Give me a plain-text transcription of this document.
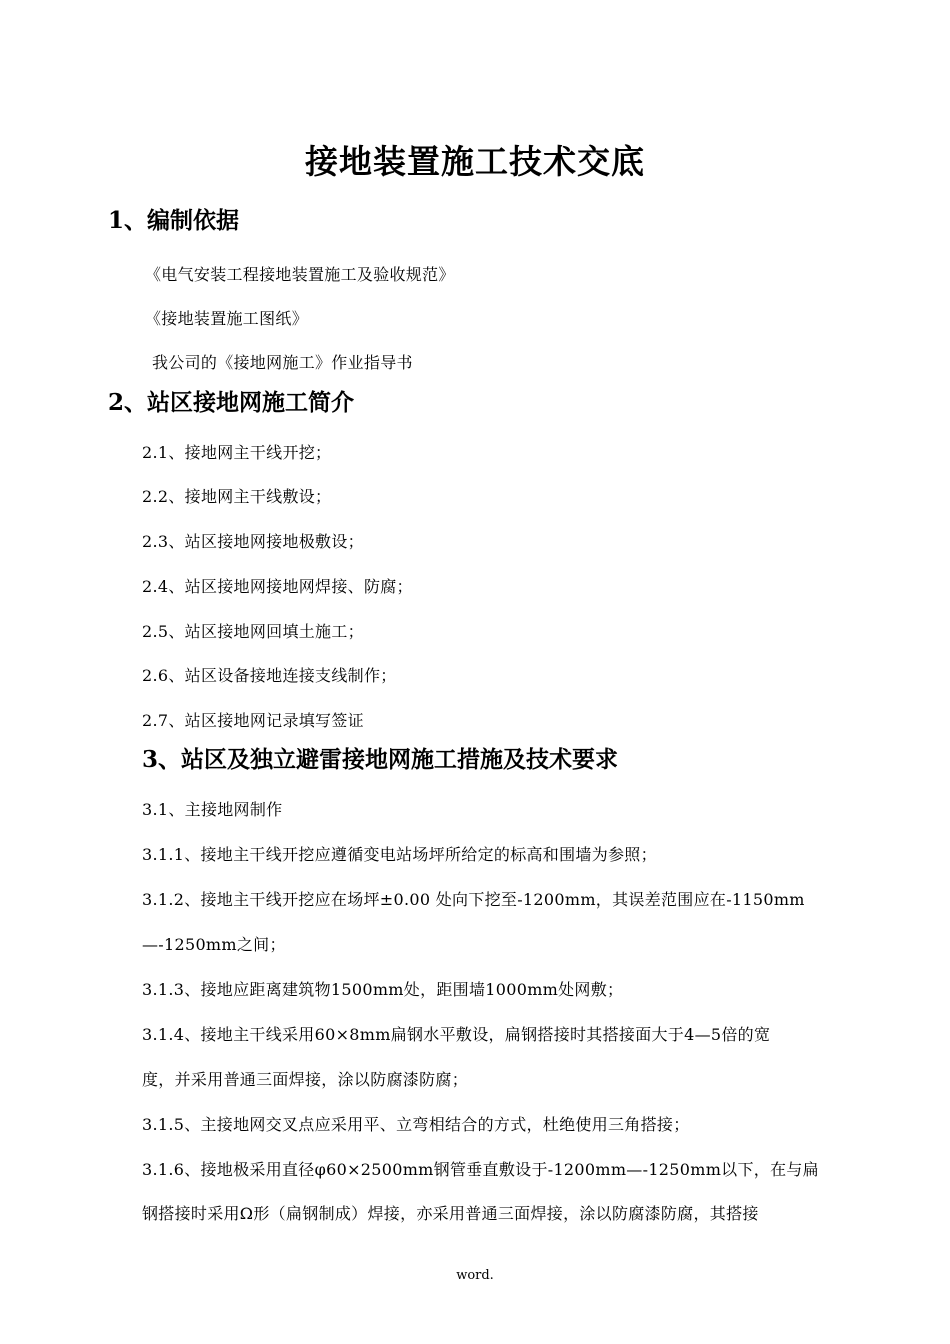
接地装置施工技术交底
1、编制依据
《电气安装工程接地装置施工及验收规范》
《接地装置施工图纸》
我公司的《接地网施工》作业指导书
2、站区接地网施工简介
2.1、接地网主干线开挖；
2.2、接地网主干线敷设；
2.3、站区接地网接地极敷设；
2.4、站区接地网接地网焊接、防腐；
2.5、站区接地网回填土施工；
2.6、站区设备接地连接支线制作；
2.7、站区接地网记录填写签证
3、站区及独立避雷接地网施工措施及技术要求
3.1、主接地网制作
3.1.1、接地主干线开挖应遵循变电站场坪所给定的标高和围墙为参照；
3.1.2、接地主干线开挖应在场坪±0.00 处向下挖至-1200mm，其误差范围应在-1150mm
—-1250mm之间；
3.1.3、接地应距离建筑物1500mm处，距围墙1000mm处网敷；
3.1.4、接地主干线采用60×8mm扁钢水平敷设，扁钢搭接时其搭接面大于4—5倍的宽
度，并采用普通三面焊接，涂以防腐漆防腐；
3.1.5、主接地网交叉点应采用平、立弯相结合的方式，杜绝使用三角搭接；
3.1.6、接地极采用直径φ60×2500mm钢管垂直敷设于-1200mm—-1250mm以下，在与扁
钢搭接时采用Ω形（扁钢制成）焊接，亦采用普通三面焊接，涂以防腐漆防腐，其搭接
word.
